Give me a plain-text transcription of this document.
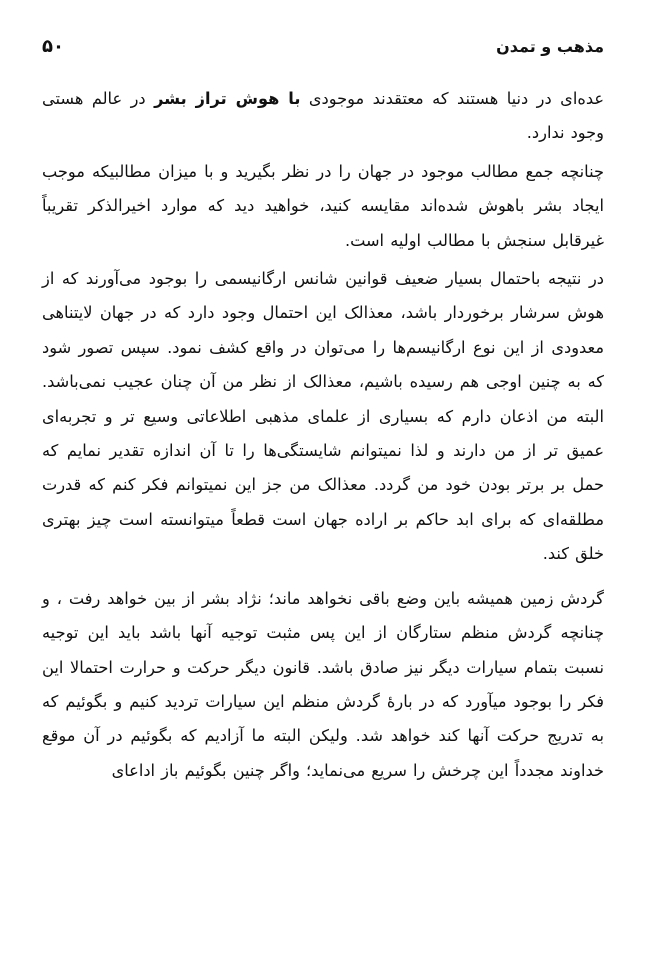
مذهب و تمدن
۵۰

عده‌ای در دنیا هستند که معتقدند موجودی با هوش تراز بشر در عالم هستی وجود ندارد.

چنانچه جمع مطالب موجود در جهان را در نظر بگیرید و با میزان مطالبیکه موجب ایجاد بشر باهوش شده‌اند مقایسه کنید، خواهید دید که موارد اخیرالذکر تقریباً غیرقابل سنجش با مطالب اولیه است.

در نتیجه باحتمال بسیار ضعیف قوانین شانس ارگانیسمی را بوجود می‌آورند که از هوش سرشار برخوردار باشد، معذالک این احتمال وجود دارد که در جهان لایتناهی معدودی از این نوع ارگانیسم‌ها را می‌توان در واقع کشف نمود. سپس تصور شود که به چنین اوجی هم رسیده باشیم، معذالک از نظر من آن چنان عجیب نمی‌باشد. البته من اذعان دارم که بسیاری از علمای مذهبی اطلاعاتی وسیع تر و تجربه‌ای عمیق تر از من دارند و لذا نمیتوانم شایستگی‌ها را تا آن اندازه تقدیر نمایم که حمل بر برتر بودن خود من گردد. معذالک من جز این نمیتوانم فکر کنم که قدرت مطلقه‌ای که برای ابد حاکم بر اراده جهان است قطعاً میتوانسته است چیز بهتری خلق کند.

گردش زمین همیشه باین وضع باقی نخواهد ماند؛ نژاد بشر از بین خواهد رفت ، و چنانچه گردش منظم ستارگان از این پس مثبت توجیه آنها باشد باید این توجیه نسبت بتمام سیارات دیگر نیز صادق باشد. قانون دیگر حرکت و حرارت احتمالا این فکر را بوجود میآورد که در بارهٔ گردش منظم این سیارات تردید کنیم و بگوئیم که به تدریج حرکت آنها کند خواهد شد. ولیکن البته ما آزادیم که بگوئیم در آن موقع خداوند مجدداً این چرخش را سریع می‌نماید؛ واگر چنین بگوئیم باز اداعای
